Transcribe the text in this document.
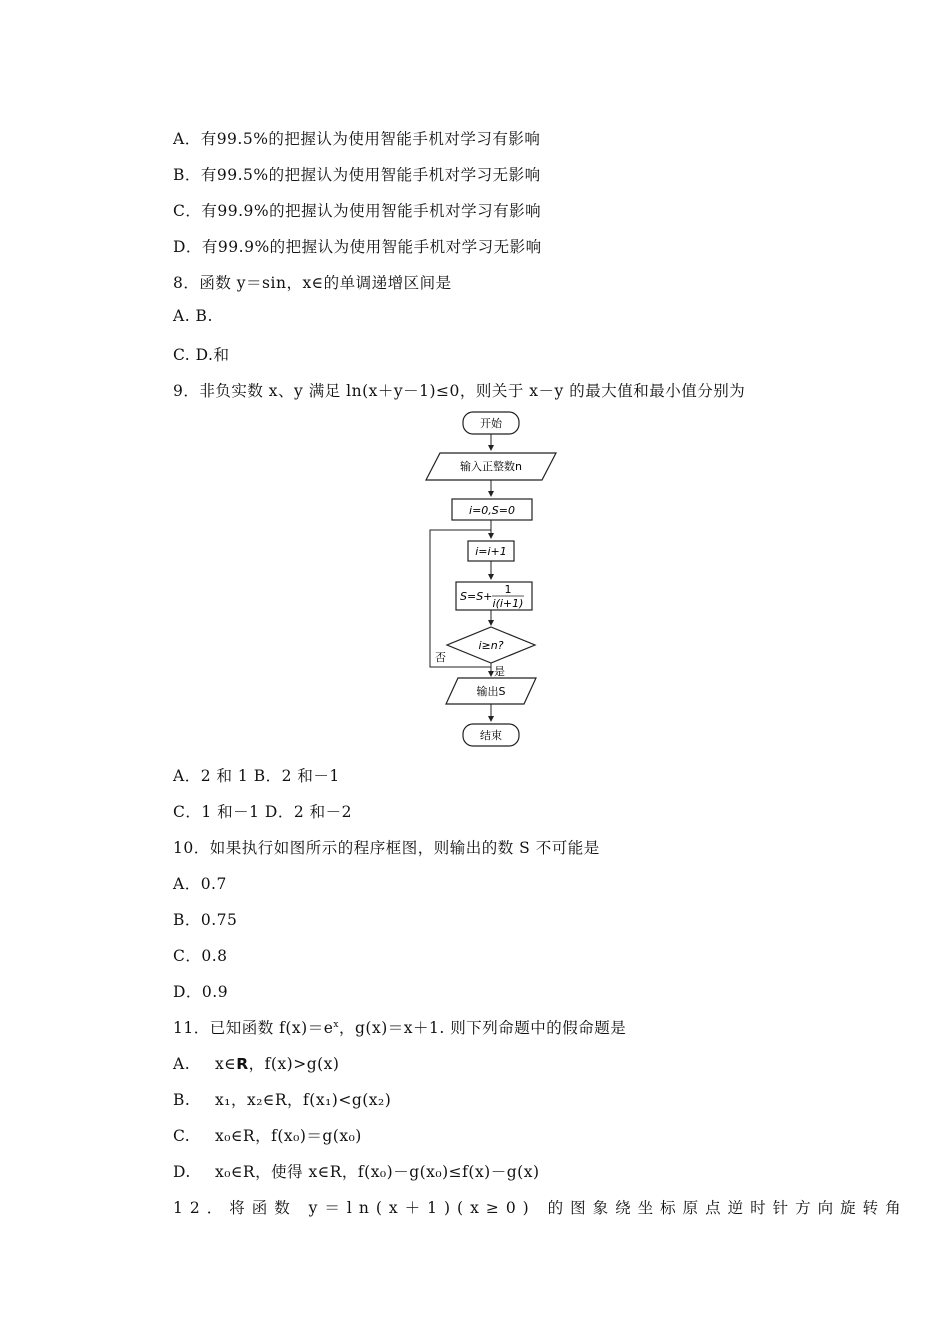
A．有99.5%的把握认为使用智能手机对学习有影响
B．有99.5%的把握认为使用智能手机对学习无影响
C．有99.9%的把握认为使用智能手机对学习有影响
D．有99.9%的把握认为使用智能手机对学习无影响
8．函数 y＝sin，x∈的单调递增区间是
A. B.
C. D.和
9．非负实数 x、y 满足 ln(x＋y－1)≤0，则关于 x－y 的最大值和最小值分别为
开始
输入正整数n
i=0,S=0
i=i+1
S=S+
1
i(i+1)
i≥n?
否
是
输出S
结束
A．2 和 1 B．2 和－1
C．1 和－1 D．2 和－2
10．如果执行如图所示的程序框图，则输出的数 S 不可能是
A．0.7
B．0.75
C．0.8
D．0.9
11．已知函数 $f(x)=e^x$，g(x)＝x＋1. 则下列命题中的假命题是
A. x∈R，f(x)>g(x)
B. x₁，x₂∈R，f(x₁)<g(x₂)
C. x₀∈R，f(x₀)＝g(x₀)
D. x₀∈R，使得 x∈R，f(x₀)－g(x₀)≤f(x)－g(x)
12．将函数 y＝ln(x＋1)(x≥0) 的图象绕坐标原点逆时针方向旋转角
